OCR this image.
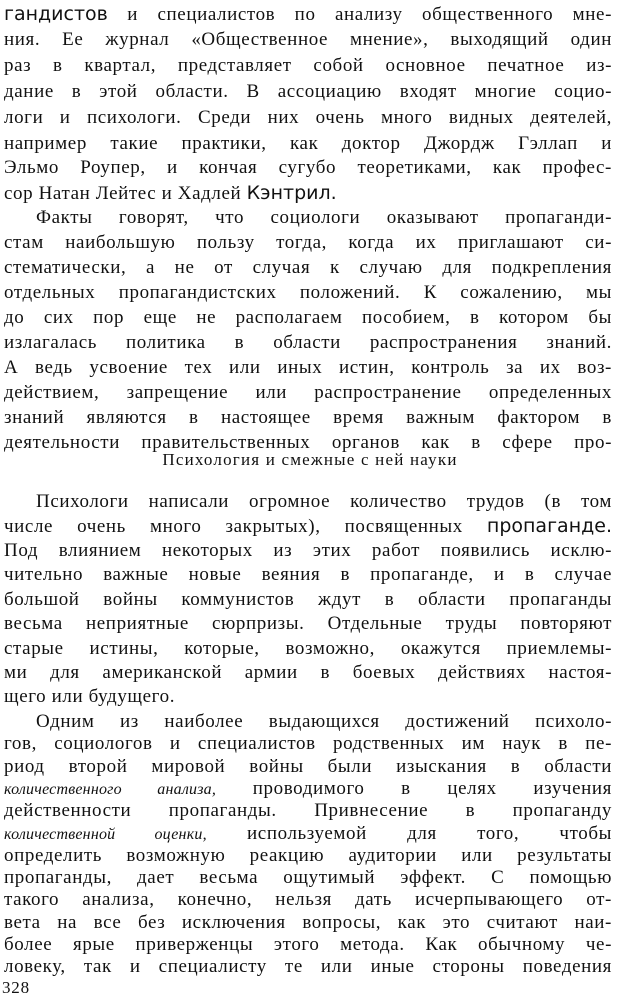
гандистов и специалистов по анализу общественного мне-
ния. Ее журнал «Общественное мнение», выходящий один
раз в квартал, представляет собой основное печатное из-
дание в этой области. В ассоциацию входят многие социо-
логи и психологи. Среди них очень много видных деятелей,
например такие практики, как доктор Джордж Гэллап и
Эльмо Роупер, и кончая сугубо теоретиками, как профес-
сор Натан Лейтес и Хадлей Кэнтрил.
Факты говорят, что социологи оказывают пропаганди-
стам наибольшую пользу тогда, когда их приглашают си-
стематически, а не от случая к случаю для подкрепления
отдельных пропагандистских положений. К сожалению, мы
до сих пор еще не располагаем пособием, в котором бы
излагалась политика в области распространения знаний.
А ведь усвоение тех или иных истин, контроль за их воз-
действием, запрещение или распространение определенных
знаний являются в настоящее время важным фактором в
деятельности правительственных органов как в сфере про-
Психология и смежные с ней науки
Психологи написали огромное количество трудов (в том
числе очень много закрытых), посвященных пропаганде.
Под влиянием некоторых из этих работ появились исклю-
чительно важные новые веяния в пропаганде, и в случае
большой войны коммунистов ждут в области пропаганды
весьма неприятные сюрпризы. Отдельные труды повторяют
старые истины, которые, возможно, окажутся приемлемы-
ми для американской армии в боевых действиях настоя-
щего или будущего.
Одним из наиболее выдающихся достижений психоло-
гов, социологов и специалистов родственных им наук в пе-
риод второй мировой войны были изыскания в области
количественного анализа, проводимого в целях изучения
действенности пропаганды. Привнесение в пропаганду
количественной оценки, используемой для того, чтобы
определить возможную реакцию аудитории или результаты
пропаганды, дает весьма ощутимый эффект. С помощью
такого анализа, конечно, нельзя дать исчерпывающего от-
вета на все без исключения вопросы, как это считают наи-
более ярые приверженцы этого метода. Как обычному че-
ловеку, так и специалисту те или иные стороны поведения
328
